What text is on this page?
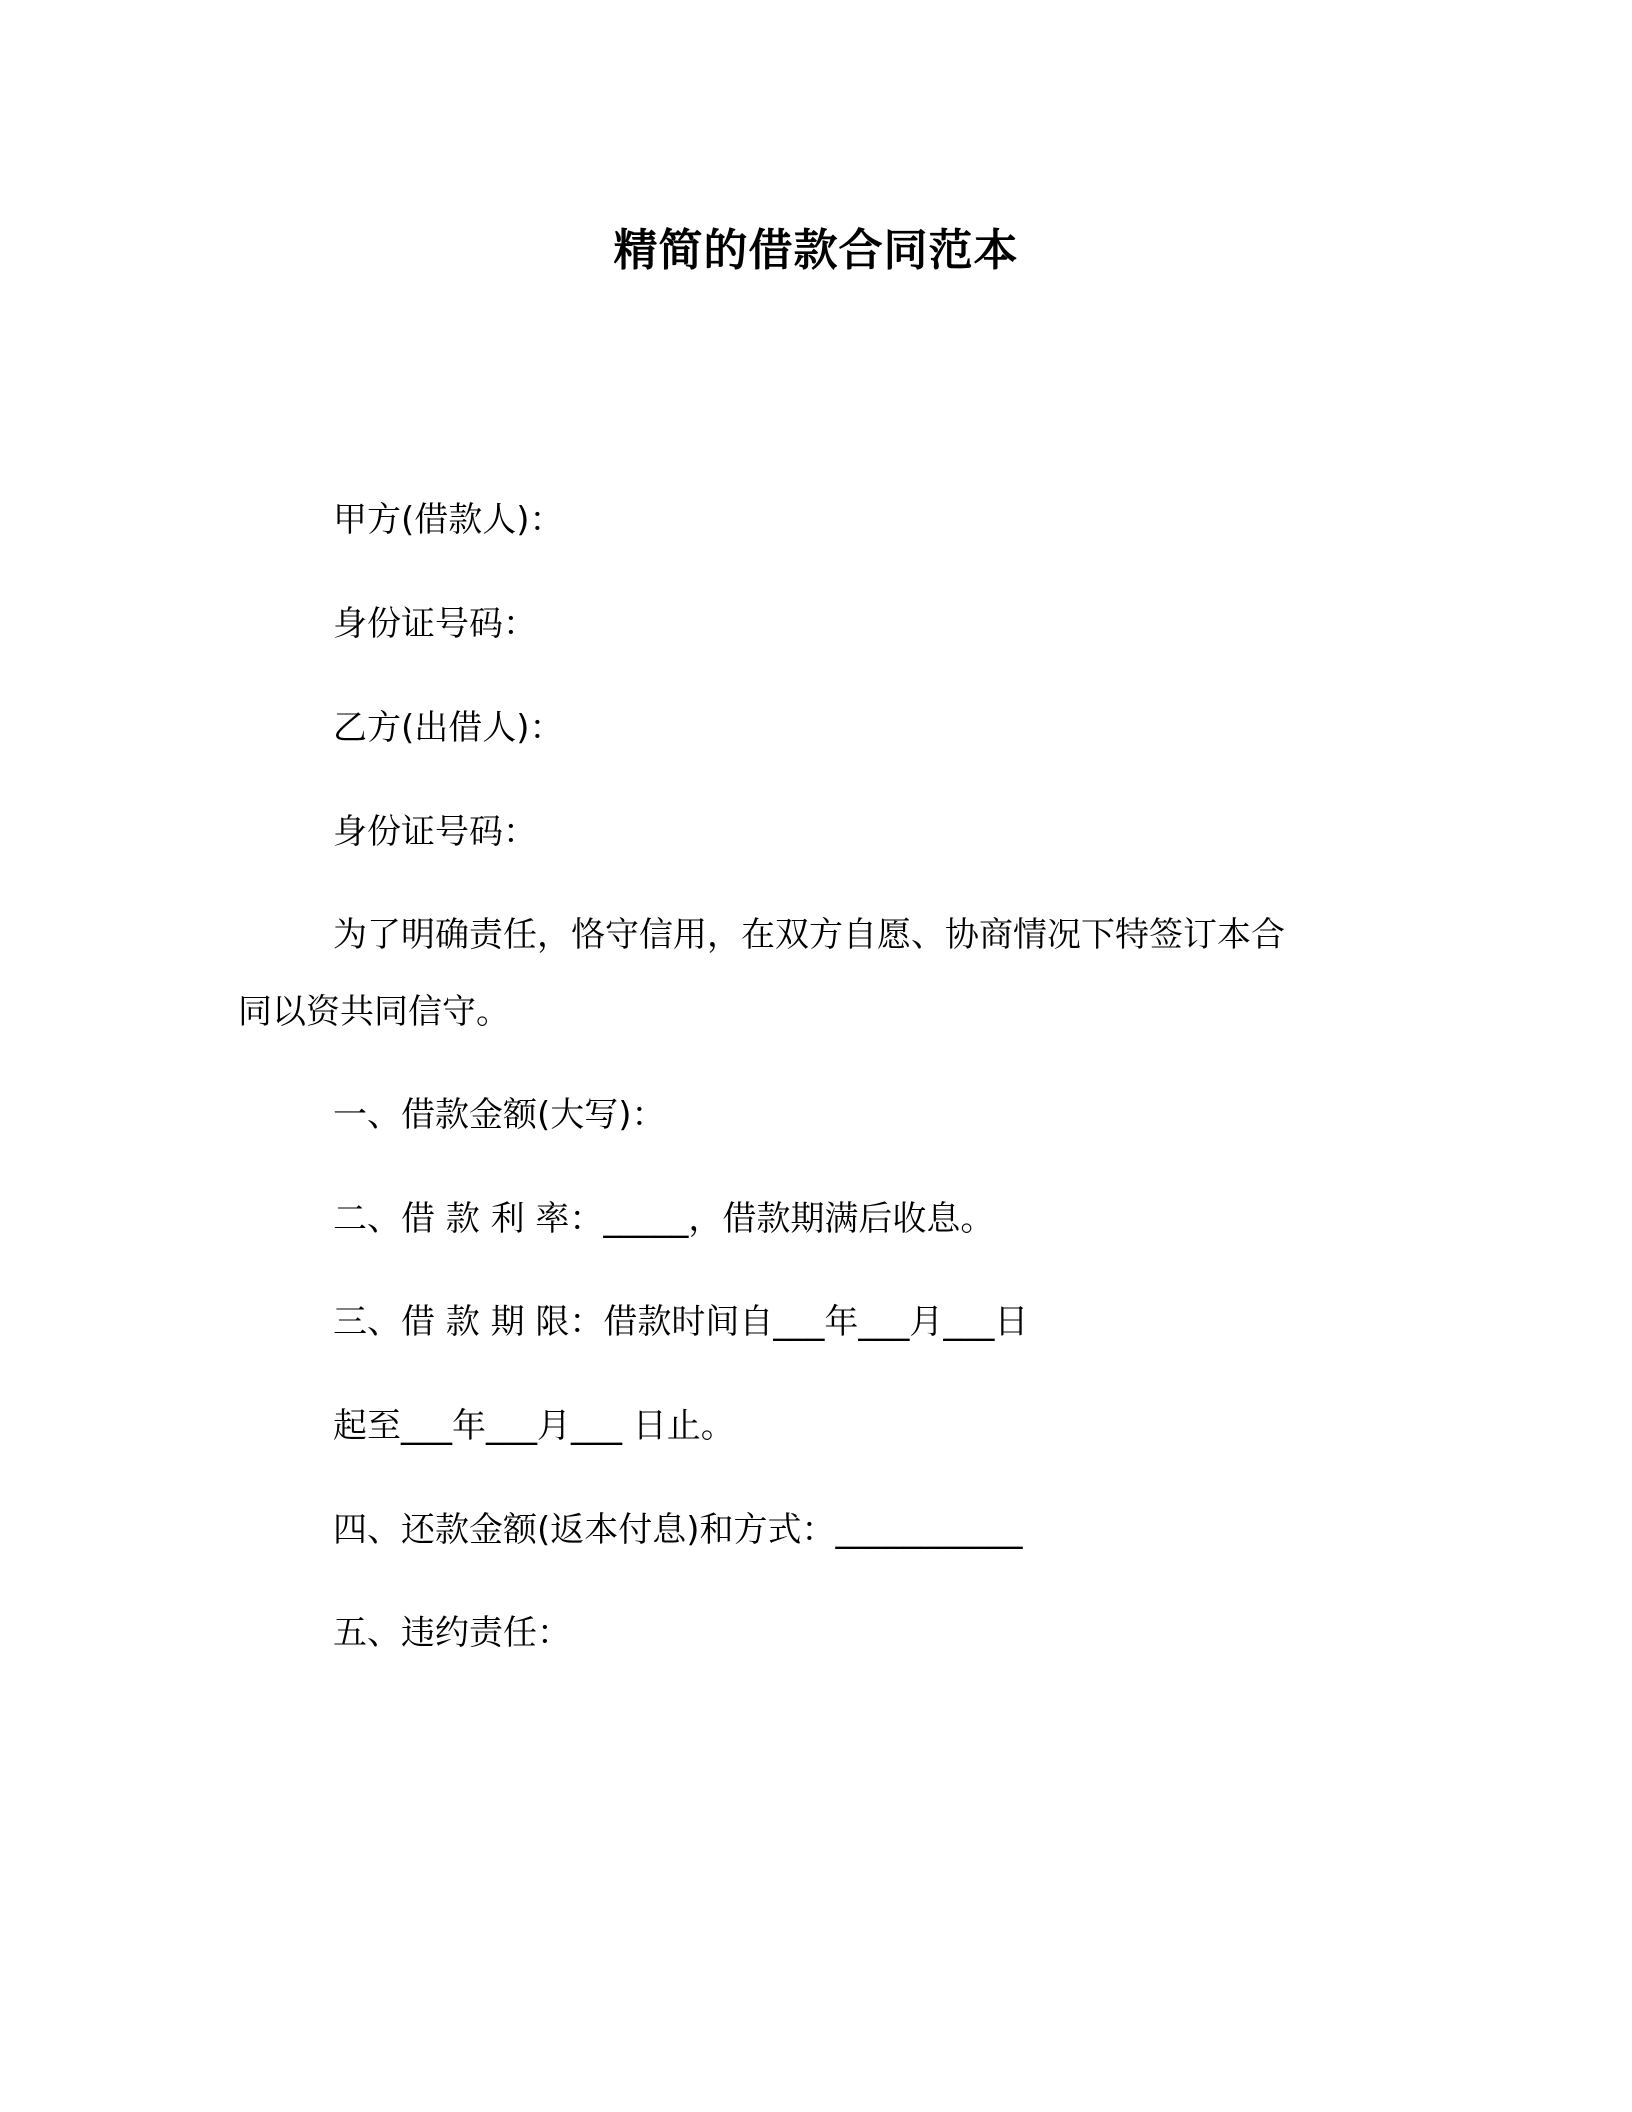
精简的借款合同范本
甲方(借款人)：
身份证号码：
乙方(出借人)：
身份证号码：
为了明确责任，恪守信用，在双方自愿、协商情况下特签订本合
同以资共同信守。
一、借款金额(大写)：
二、借 款 利 率：_____，借款期满后收息。
三、借 款 期 限：借款时间自___年___月___日
起至___年___月___ 日止。
四、还款金额(返本付息)和方式：___________
五、违约责任：
